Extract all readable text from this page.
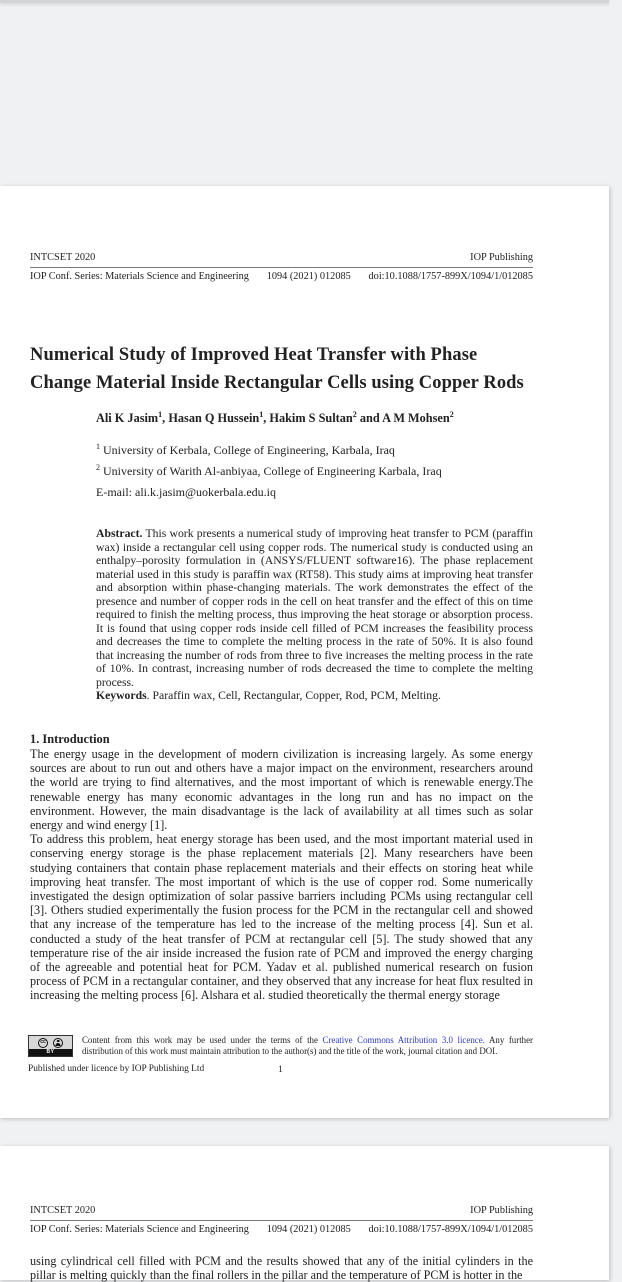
INTCSET 2020	IOP Publishing
IOP Conf. Series: Materials Science and Engineering 1094 (2021) 012085 doi:10.1088/1757-899X/1094/1/012085
Numerical Study of Improved Heat Transfer with Phase
Change Material Inside Rectangular Cells using Copper Rods
Ali K Jasim$^1$, Hasan Q Hussein$^1$, Hakim S Sultan$^2$ and A M Mohsen$^2$
$^1$ University of Kerbala, College of Engineering, Karbala, Iraq
$^2$ University of Warith Al-anbiyaa, College of Engineering Karbala, Iraq
E-mail: ali.k.jasim@uokerbala.edu.iq
Abstract. This work presents a numerical study of improving heat transfer to PCM (paraffin wax) inside a rectangular cell using copper rods. The numerical study is conducted using an enthalpy–porosity formulation in (ANSYS/FLUENT software16). The phase replacement material used in this study is paraffin wax (RT58). This study aims at improving heat transfer and absorption within phase-changing materials. The work demonstrates the effect of the presence and number of copper rods in the cell on heat transfer and the effect of this on time required to finish the melting process, thus improving the heat storage or absorption process. It is found that using copper rods inside cell filled of PCM increases the feasibility process and decreases the time to complete the melting process in the rate of 50%. It is also found that increasing the number of rods from three to five increases the melting process in the rate of 10%. In contrast, increasing number of rods decreased the time to complete the melting process.
Keywords. Paraffin wax, Cell, Rectangular, Copper, Rod, PCM, Melting.
1. Introduction

The energy usage in the development of modern civilization is increasing largely. As some energy sources are about to run out and others have a major impact on the environment, researchers around the world are trying to find alternatives, and the most important of which is renewable energy.The renewable energy has many economic advantages in the long run and has no impact on the environment. However, the main disadvantage is the lack of availability at all times such as solar energy and wind energy [1].

To address this problem, heat energy storage has been used, and the most important material used in conserving energy storage is the phase replacement materials [2]. Many researchers have been studying containers that contain phase replacement materials and their effects on storing heat while improving heat transfer. The most important of which is the use of copper rod. Some numerically investigated the design optimization of solar passive barriers including PCMs using rectangular cell [3]. Others studied experimentally the fusion process for the PCM in the rectangular cell and showed that any increase of the temperature has led to the increase of the melting process [4]. Sun et al. conducted a study of the heat transfer of PCM at rectangular cell [5]. The study showed that any temperature rise of the air inside increased the fusion rate of PCM and improved the energy charging of the agreeable and potential heat for PCM. Yadav et al. published numerical research on fusion process of PCM in a rectangular container, and they observed that any increase for heat flux resulted in increasing the melting process [6]. Alshara et al. studied theoretically the thermal energy storage

cc
BY
Content from this work may be used under the terms of the Creative Commons Attribution 3.0 licence. Any further distribution of this work must maintain attribution to the author(s) and the title of the work, journal citation and DOI.
Published under licence by IOP Publishing Ltd	1
INTCSET 2020	IOP Publishing
IOP Conf. Series: Materials Science and Engineering 1094 (2021) 012085 doi:10.1088/1757-899X/1094/1/012085
using cylindrical cell filled with PCM and the results showed that any of the initial cylinders in the pillar is melting quickly than the final rollers in the pillar and the temperature of PCM is hotter in the
